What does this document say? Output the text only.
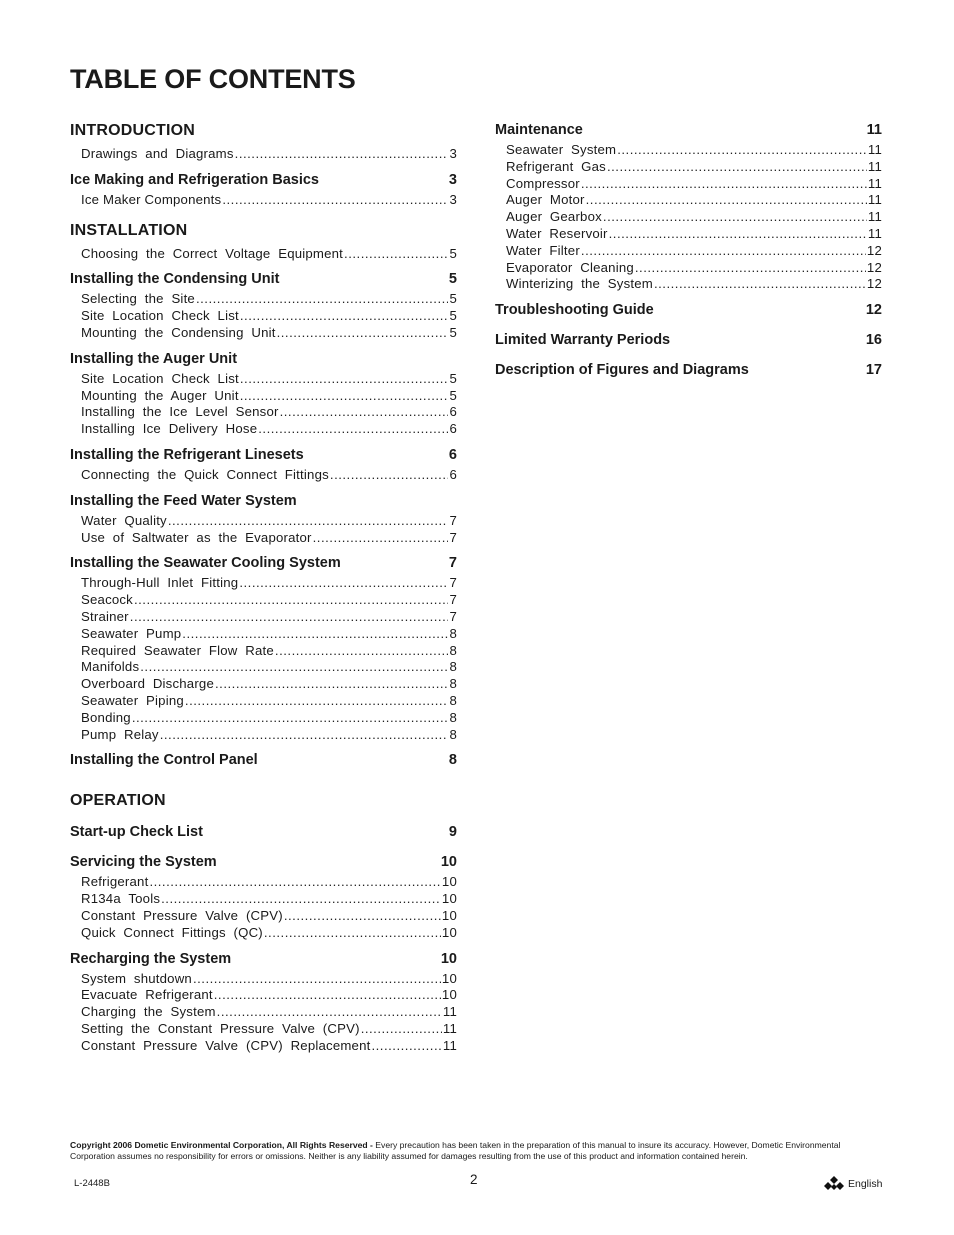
TABLE OF CONTENTS
INTRODUCTION
Drawings  and  Diagrams .....	3
Ice Making and Refrigeration Basics	3
Ice Maker Components .....	3
INSTALLATION
Choosing  the  Correct  Voltage  Equipment .....	5
Installing the Condensing Unit	5
Selecting  the  Site .....	5
Site  Location  Check  List .....	5
Mounting  the  Condensing  Unit .....	5
Installing the Auger Unit
Site  Location  Check  List .....	5
Mounting  the  Auger  Unit .....	5
Installing  the  Ice  Level  Sensor .....	6
Installing  Ice  Delivery  Hose .....	6
Installing the Refrigerant Linesets	6
Connecting  the  Quick  Connect  Fittings .....	6
Installing the Feed Water System
Water  Quality .....	7
Use  of  Saltwater  as  the  Evaporator .....	7
Installing the Seawater Cooling System	7
Through-Hull  Inlet  Fitting .....	7
Seacock .....	7
Strainer .....	7
Seawater  Pump .....	8
Required  Seawater  Flow  Rate .....	8
Manifolds .....	8
Overboard  Discharge .....	8
Seawater  Piping .....	8
Bonding .....	8
Pump  Relay .....	8
Installing the Control Panel	8
OPERATION
Start-up Check List	9
Servicing the System	10
Refrigerant .....	10
R134a  Tools .....	10
Constant  Pressure  Valve  (CPV) .....	10
Quick  Connect  Fittings  (QC) .....	10
Recharging the System	10
System  shutdown .....	10
Evacuate  Refrigerant .....	10
Charging  the  System .....	11
Setting  the  Constant  Pressure  Valve  (CPV) .....	11
Constant  Pressure  Valve  (CPV)  Replacement .....	11
Maintenance	11
Seawater  System .....	11
Refrigerant  Gas .....	11
Compressor .....	11
Auger  Motor .....	11
Auger  Gearbox .....	11
Water  Reservoir .....	11
Water  Filter .....	12
Evaporator  Cleaning .....	12
Winterizing  the  System .....	12
Troubleshooting Guide	12
Limited Warranty Periods	16
Description of Figures and Diagrams	17
Copyright 2006 Dometic Environmental Corporation, All Rights Reserved - Every precaution has been taken in the preparation of this manual to insure its accuracy. However, Dometic Environmental Corporation assumes no responsibility for errors or omissions. Neither is any liability assumed for damages resulting from the use of this product and information contained herein.
L-2448B	2	English
